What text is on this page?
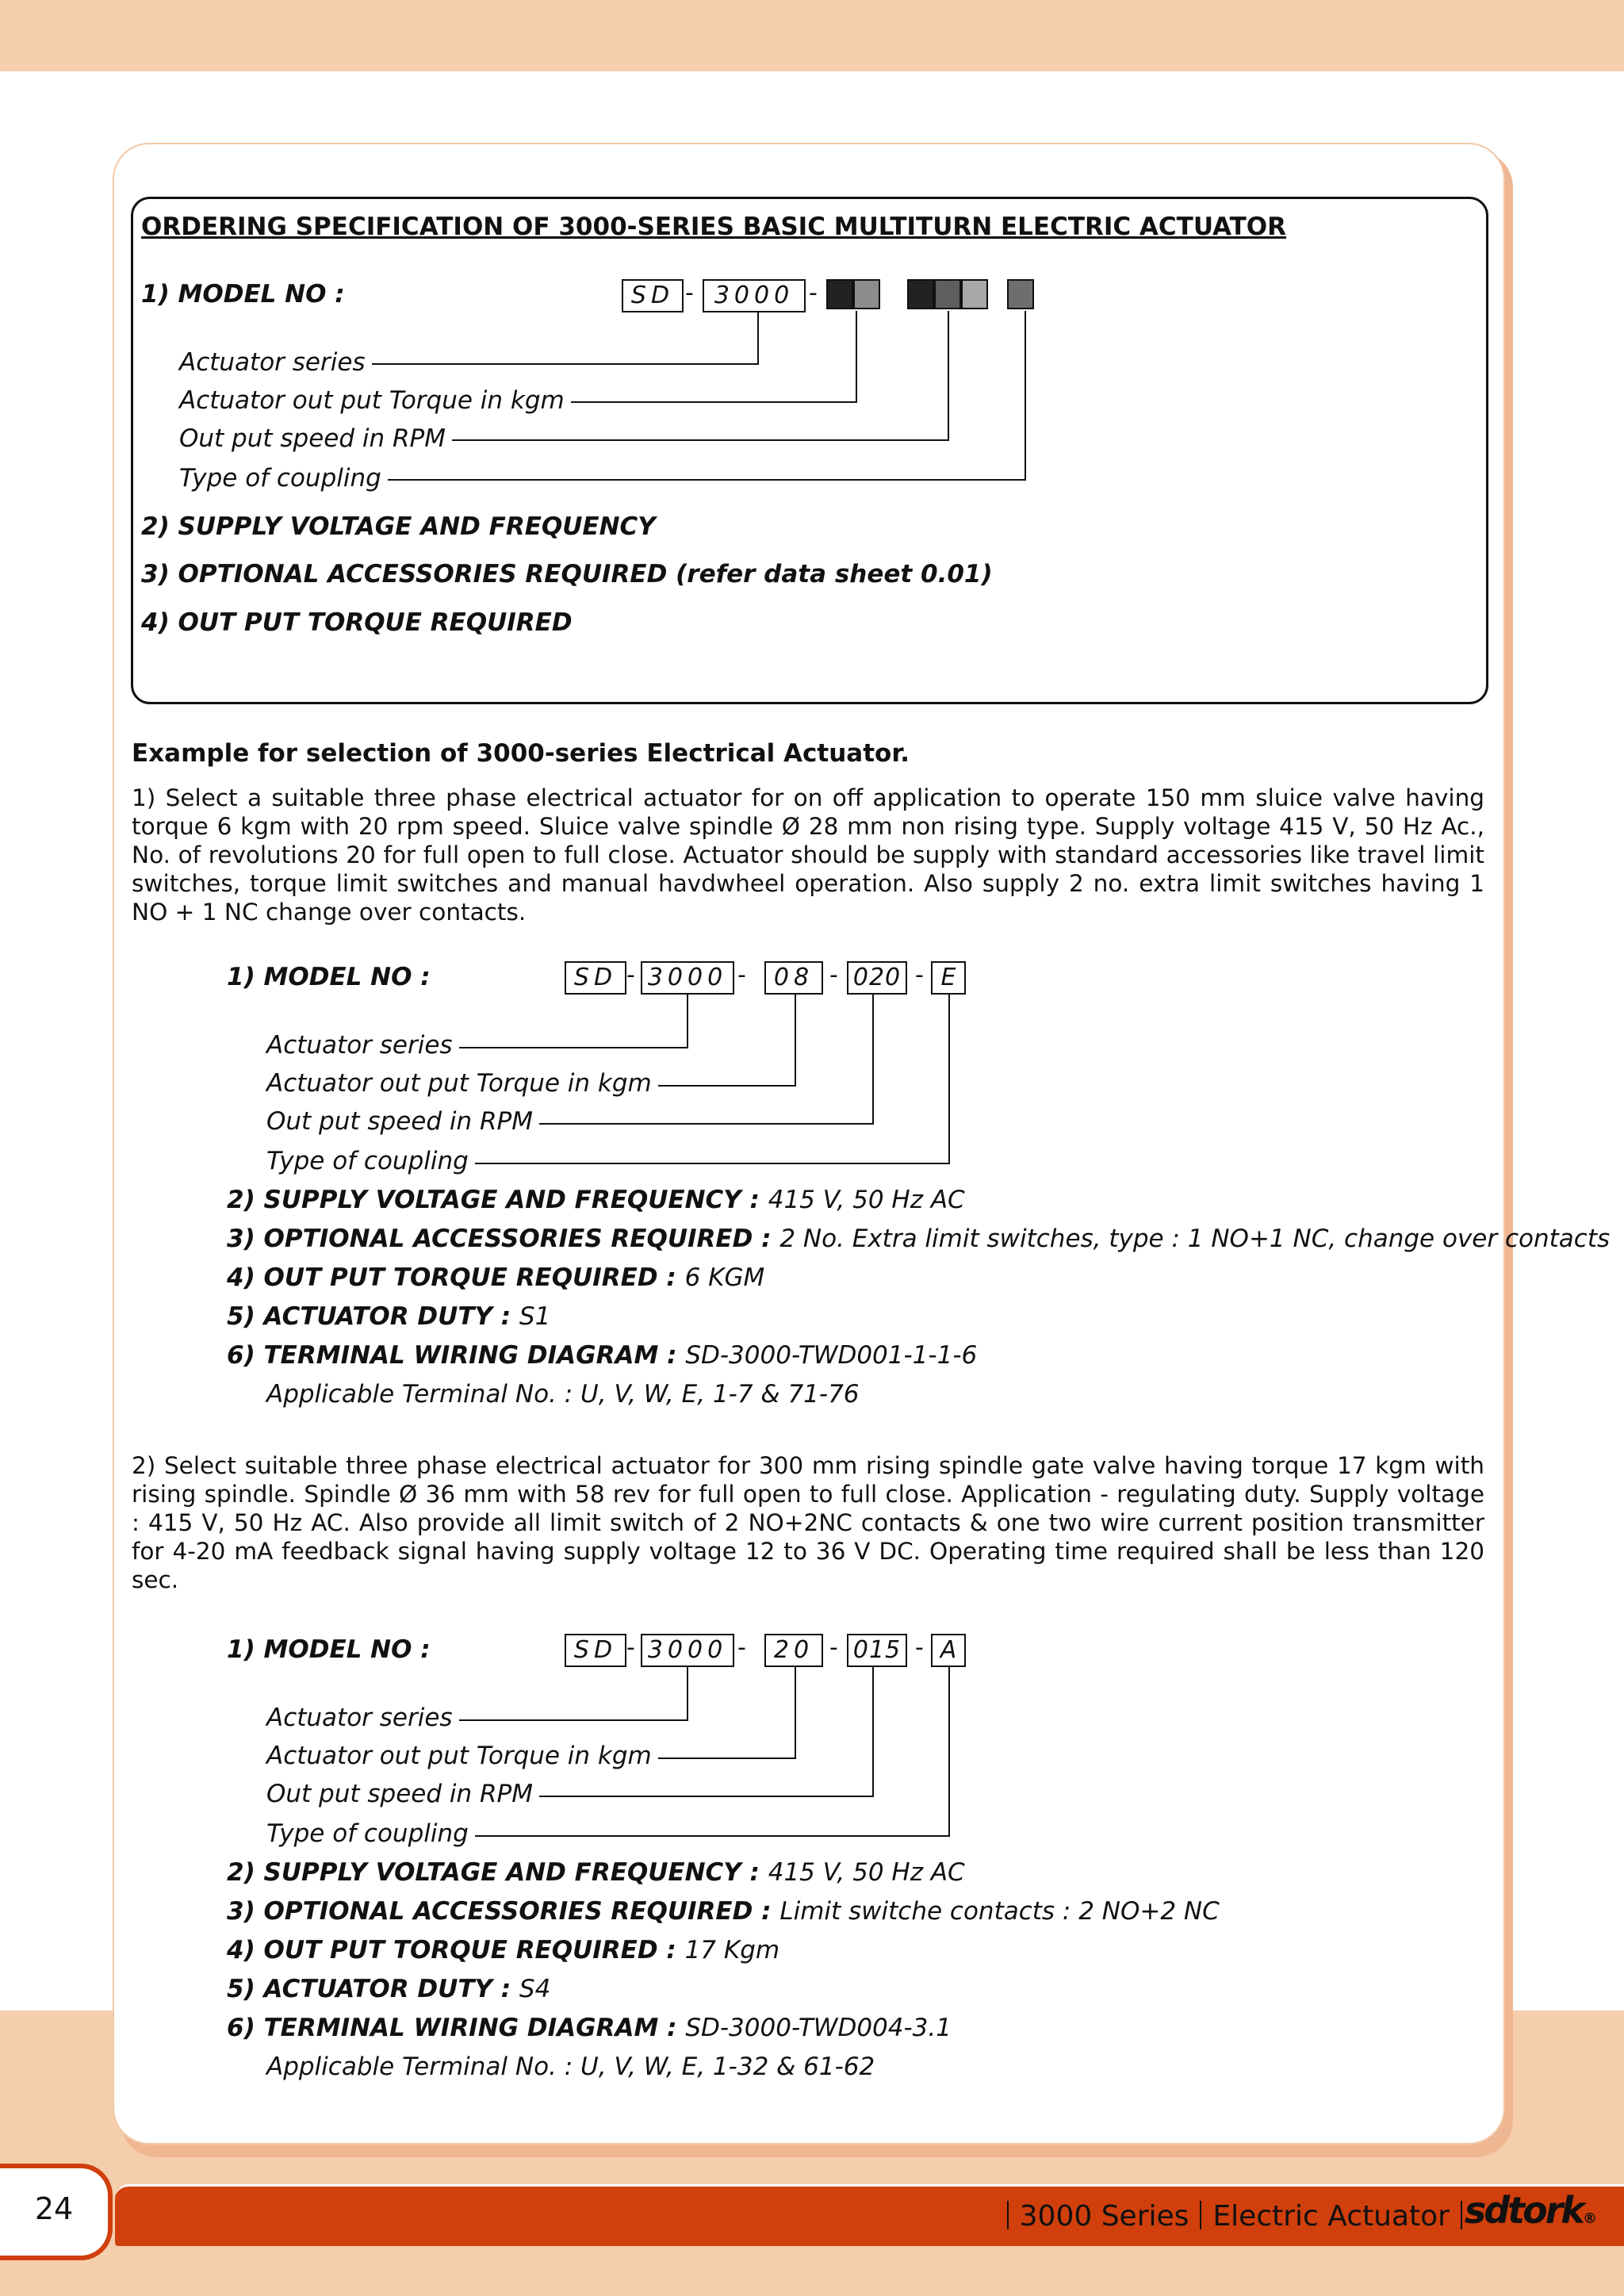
ORDERING SPECIFICATION OF 3000-SERIES BASIC MULTITURN ELECTRIC ACTUATOR
1) MODEL NO :	SD - 3000 -
Actuator series
Actuator out put Torque in kgm
Out put speed in RPM
Type of coupling
2) SUPPLY VOLTAGE AND FREQUENCY
3) OPTIONAL ACCESSORIES REQUIRED (refer data sheet 0.01)
4) OUT PUT TORQUE REQUIRED
Example for selection of 3000-series Electrical Actuator.
1) Select a suitable three phase electrical actuator for on off application to operate 150 mm sluice valve having torque 6 kgm with 20 rpm speed. Sluice valve spindle Ø 28 mm non rising type. Supply voltage 415 V, 50 Hz Ac., No. of revolutions 20 for full open to full close. Actuator should be supply with standard accessories like travel limit switches, torque limit switches and manual havdwheel operation. Also supply 2 no. extra limit switches having 1 NO + 1 NC change over contacts.
1) MODEL NO :	SD - 3000 -	08 - 020 - E
Actuator series
Actuator out put Torque in kgm
Out put speed in RPM
Type of coupling
2) SUPPLY VOLTAGE AND FREQUENCY : 415 V, 50 Hz AC
3) OPTIONAL ACCESSORIES REQUIRED : 2 No. Extra limit switches, type : 1 NO+1 NC, change over contacts
4) OUT PUT TORQUE REQUIRED : 6 KGM
5) ACTUATOR DUTY : S1
6) TERMINAL WIRING DIAGRAM : SD-3000-TWD001-1-1-6
Applicable Terminal No. : U, V, W, E, 1-7 & 71-76
2) Select suitable three phase electrical actuator for 300 mm rising spindle gate valve having torque 17 kgm with rising spindle. Spindle Ø 36 mm with 58 rev for full open to full close. Application - regulating duty. Supply voltage : 415 V, 50 Hz AC. Also provide all limit switch of 2 NO+2NC contacts & one two wire current position transmitter for 4-20 mA feedback signal having supply voltage 12 to 36 V DC. Operating time required shall be less than 120 sec.
1) MODEL NO :	SD - 3000 -	20 - 015 - A
Actuator series
Actuator out put Torque in kgm
Out put speed in RPM
Type of coupling
2) SUPPLY VOLTAGE AND FREQUENCY : 415 V, 50 Hz AC
3) OPTIONAL ACCESSORIES REQUIRED : Limit switche contacts : 2 NO+2 NC
4) OUT PUT TORQUE REQUIRED : 17 Kgm
5) ACTUATOR DUTY : S4
6) TERMINAL WIRING DIAGRAM : SD-3000-TWD004-3.1
Applicable Terminal No. : U, V, W, E, 1-32 & 61-62
24	3000 Series Electric Actuator sdtork®
